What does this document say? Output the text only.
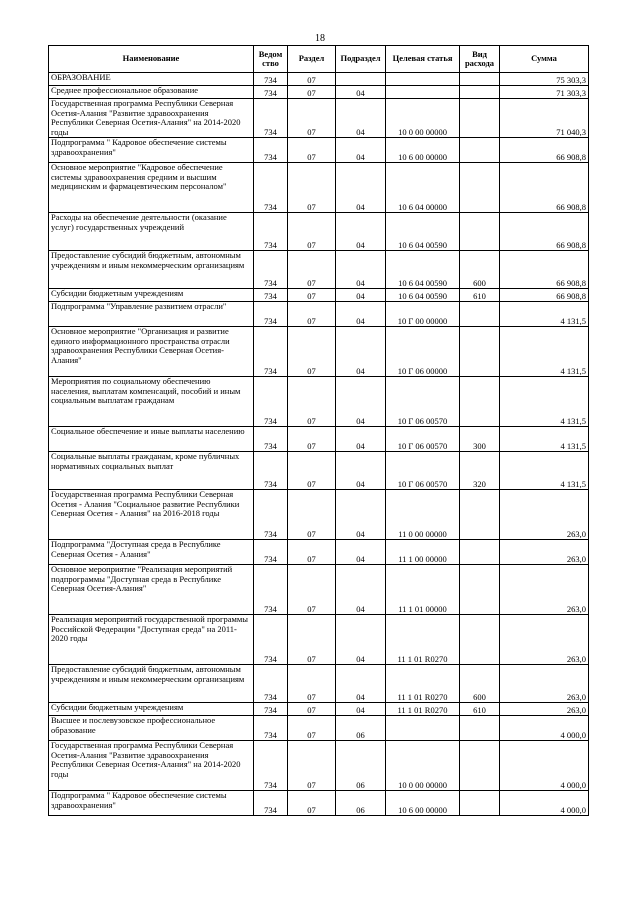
18
Наименование	Ведом ство	Раздел	Подраздел	Целевая статья	Вид расхода	Сумма
ОБРАЗОВАНИЕ	734	07				75 303,3
Среднее профессиональное образование	734	07	04			71 303,3
Государственная программа Республики Северная Осетия-Алания "Развитие здравоохранения Республики Северная Осетия-Алания" на 2014-2020 годы	734	07	04	10 0 00 00000		71 040,3
Подпрограмма " Кадровое обеспечение системы здравоохранения"	734	07	04	10 6 00 00000		66 908,8
Основное мероприятие "Кадровое обеспечение системы здравоохранения средним и высшим медицинским и фармацевтическим персоналом"	734	07	04	10 6 04 00000		66 908,8
Расходы на обеспечение деятельности (оказание услуг) государственных учреждений	734	07	04	10 6 04 00590		66 908,8
Предоставление субсидий бюджетным, автономным учреждениям и иным некоммерческим организациям	734	07	04	10 6 04 00590	600	66 908,8
Субсидии бюджетным учреждениям	734	07	04	10 6 04 00590	610	66 908,8
Подпрограмма "Управление развитием отрасли"	734	07	04	10 Г 00 00000		4 131,5
Основное мероприятие "Организация и развитие единого информационного пространства отрасли здравоохранения Республики Северная Осетия-Алания"	734	07	04	10 Г 06 00000		4 131,5
Мероприятия по социальному обеспечению населения, выплатам компенсаций, пособий и иным социальным выплатам гражданам	734	07	04	10 Г 06 00570		4 131,5
Социальное обеспечение и иные выплаты населению	734	07	04	10 Г 06 00570	300	4 131,5
Социальные выплаты гражданам, кроме публичных нормативных социальных выплат	734	07	04	10 Г 06 00570	320	4 131,5
Государственная программа Республики Северная Осетия - Алания "Социальное развитие Республики Северная Осетия - Алания" на 2016-2018 годы	734	07	04	11 0 00 00000		263,0
Подпрограмма "Доступная среда в Республике Северная Осетия - Алания"	734	07	04	11 1 00 00000		263,0
Основное мероприятие "Реализация мероприятий подпрограммы "Доступная среда в Республике Северная Осетия-Алания"	734	07	04	11 1 01 00000		263,0
Реализация мероприятий государственной программы Российской Федерации "Доступная среда" на 2011-2020 годы	734	07	04	11 1 01 R0270		263,0
Предоставление субсидий бюджетным, автономным учреждениям и иным некоммерческим организациям	734	07	04	11 1 01 R0270	600	263,0
Субсидии бюджетным учреждениям	734	07	04	11 1 01 R0270	610	263,0
Высшее и послевузовское профессиональное образование	734	07	06			4 000,0
Государственная программа Республики Северная Осетия-Алания "Развитие здравоохранения Республики Северная Осетия-Алания" на 2014-2020 годы	734	07	06	10 0 00 00000		4 000,0
Подпрограмма " Кадровое обеспечение системы здравоохранения"	734	07	06	10 6 00 00000		4 000,0
